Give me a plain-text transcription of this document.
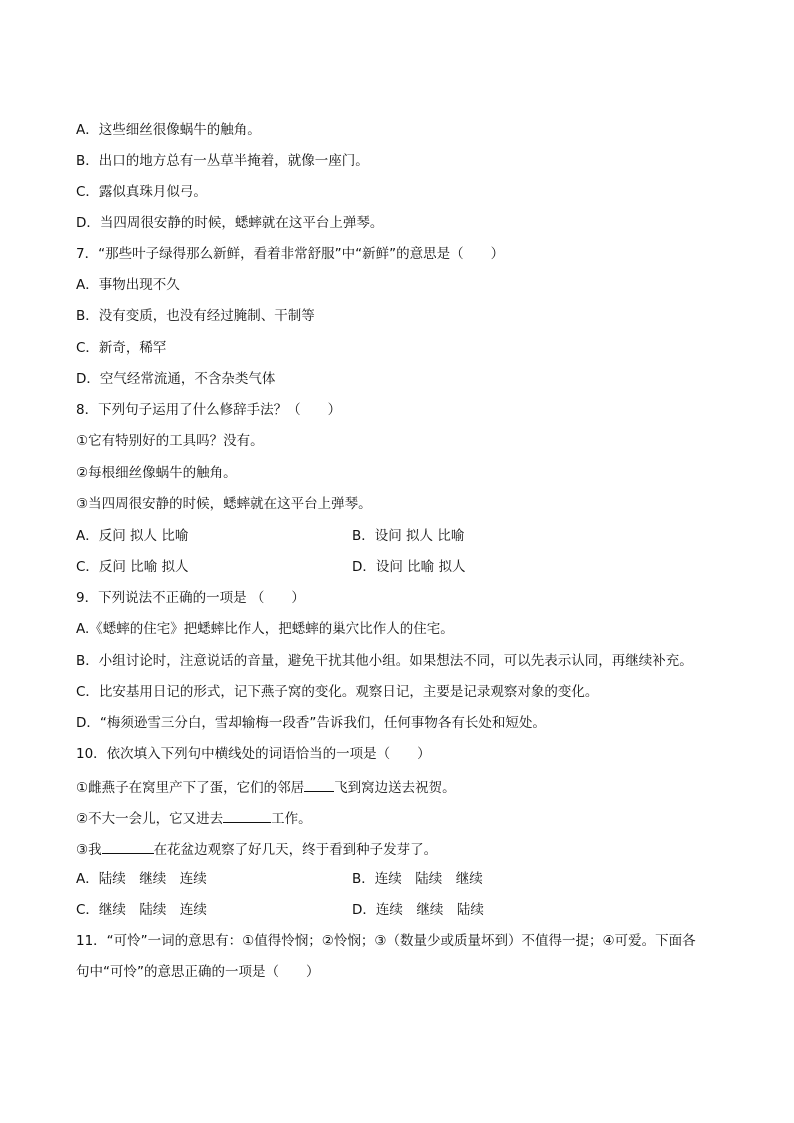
A．这些细丝很像蜗牛的触角。
B．出口的地方总有一丛草半掩着，就像一座门。
C．露似真珠月似弓。
D．当四周很安静的时候，蟋蟀就在这平台上弹琴。
7．“那些叶子绿得那么新鲜，看着非常舒服”中“新鲜”的意思是（　　）
A．事物出现不久
B．没有变质，也没有经过腌制、干制等
C．新奇，稀罕
D．空气经常流通，不含杂类气体
8．下列句子运用了什么修辞手法？（　　）
①它有特别好的工具吗？没有。
②每根细丝像蜗牛的触角。
③当四周很安静的时候，蟋蟀就在这平台上弹琴。
A．反问 拟人 比喻	B．设问 拟人 比喻
C．反问 比喻 拟人	D．设问 比喻 拟人
9．下列说法不正确的一项是 （　　）
A.《蟋蟀的住宅》把蟋蟀比作人，把蟋蟀的巢穴比作人的住宅。
B．小组讨论时，注意说话的音量，避免干扰其他小组。如果想法不同，可以先表示认同，再继续补充。
C．比安基用日记的形式，记下燕子窝的变化。观察日记，主要是记录观察对象的变化。
D．“梅须逊雪三分白，雪却输梅一段香”告诉我们，任何事物各有长处和短处。
10．依次填入下列句中横线处的词语恰当的一项是（　　）
①雌燕子在窝里产下了蛋，它们的邻居 飞到窝边送去祝贺。
②不大一会儿，它又进去	工作。
③我	在花盆边观察了好几天，终于看到种子发芽了。
A．陆续　继续　连续	B．连续　陆续　继续
C．继续　陆续　连续	D．连续　继续　陆续
11．“可怜”一词的意思有：①值得怜悯；②怜悯；③（数量少或质量坏到）不值得一提；④可爱。下面各
句中“可怜”的意思正确的一项是（　　）
